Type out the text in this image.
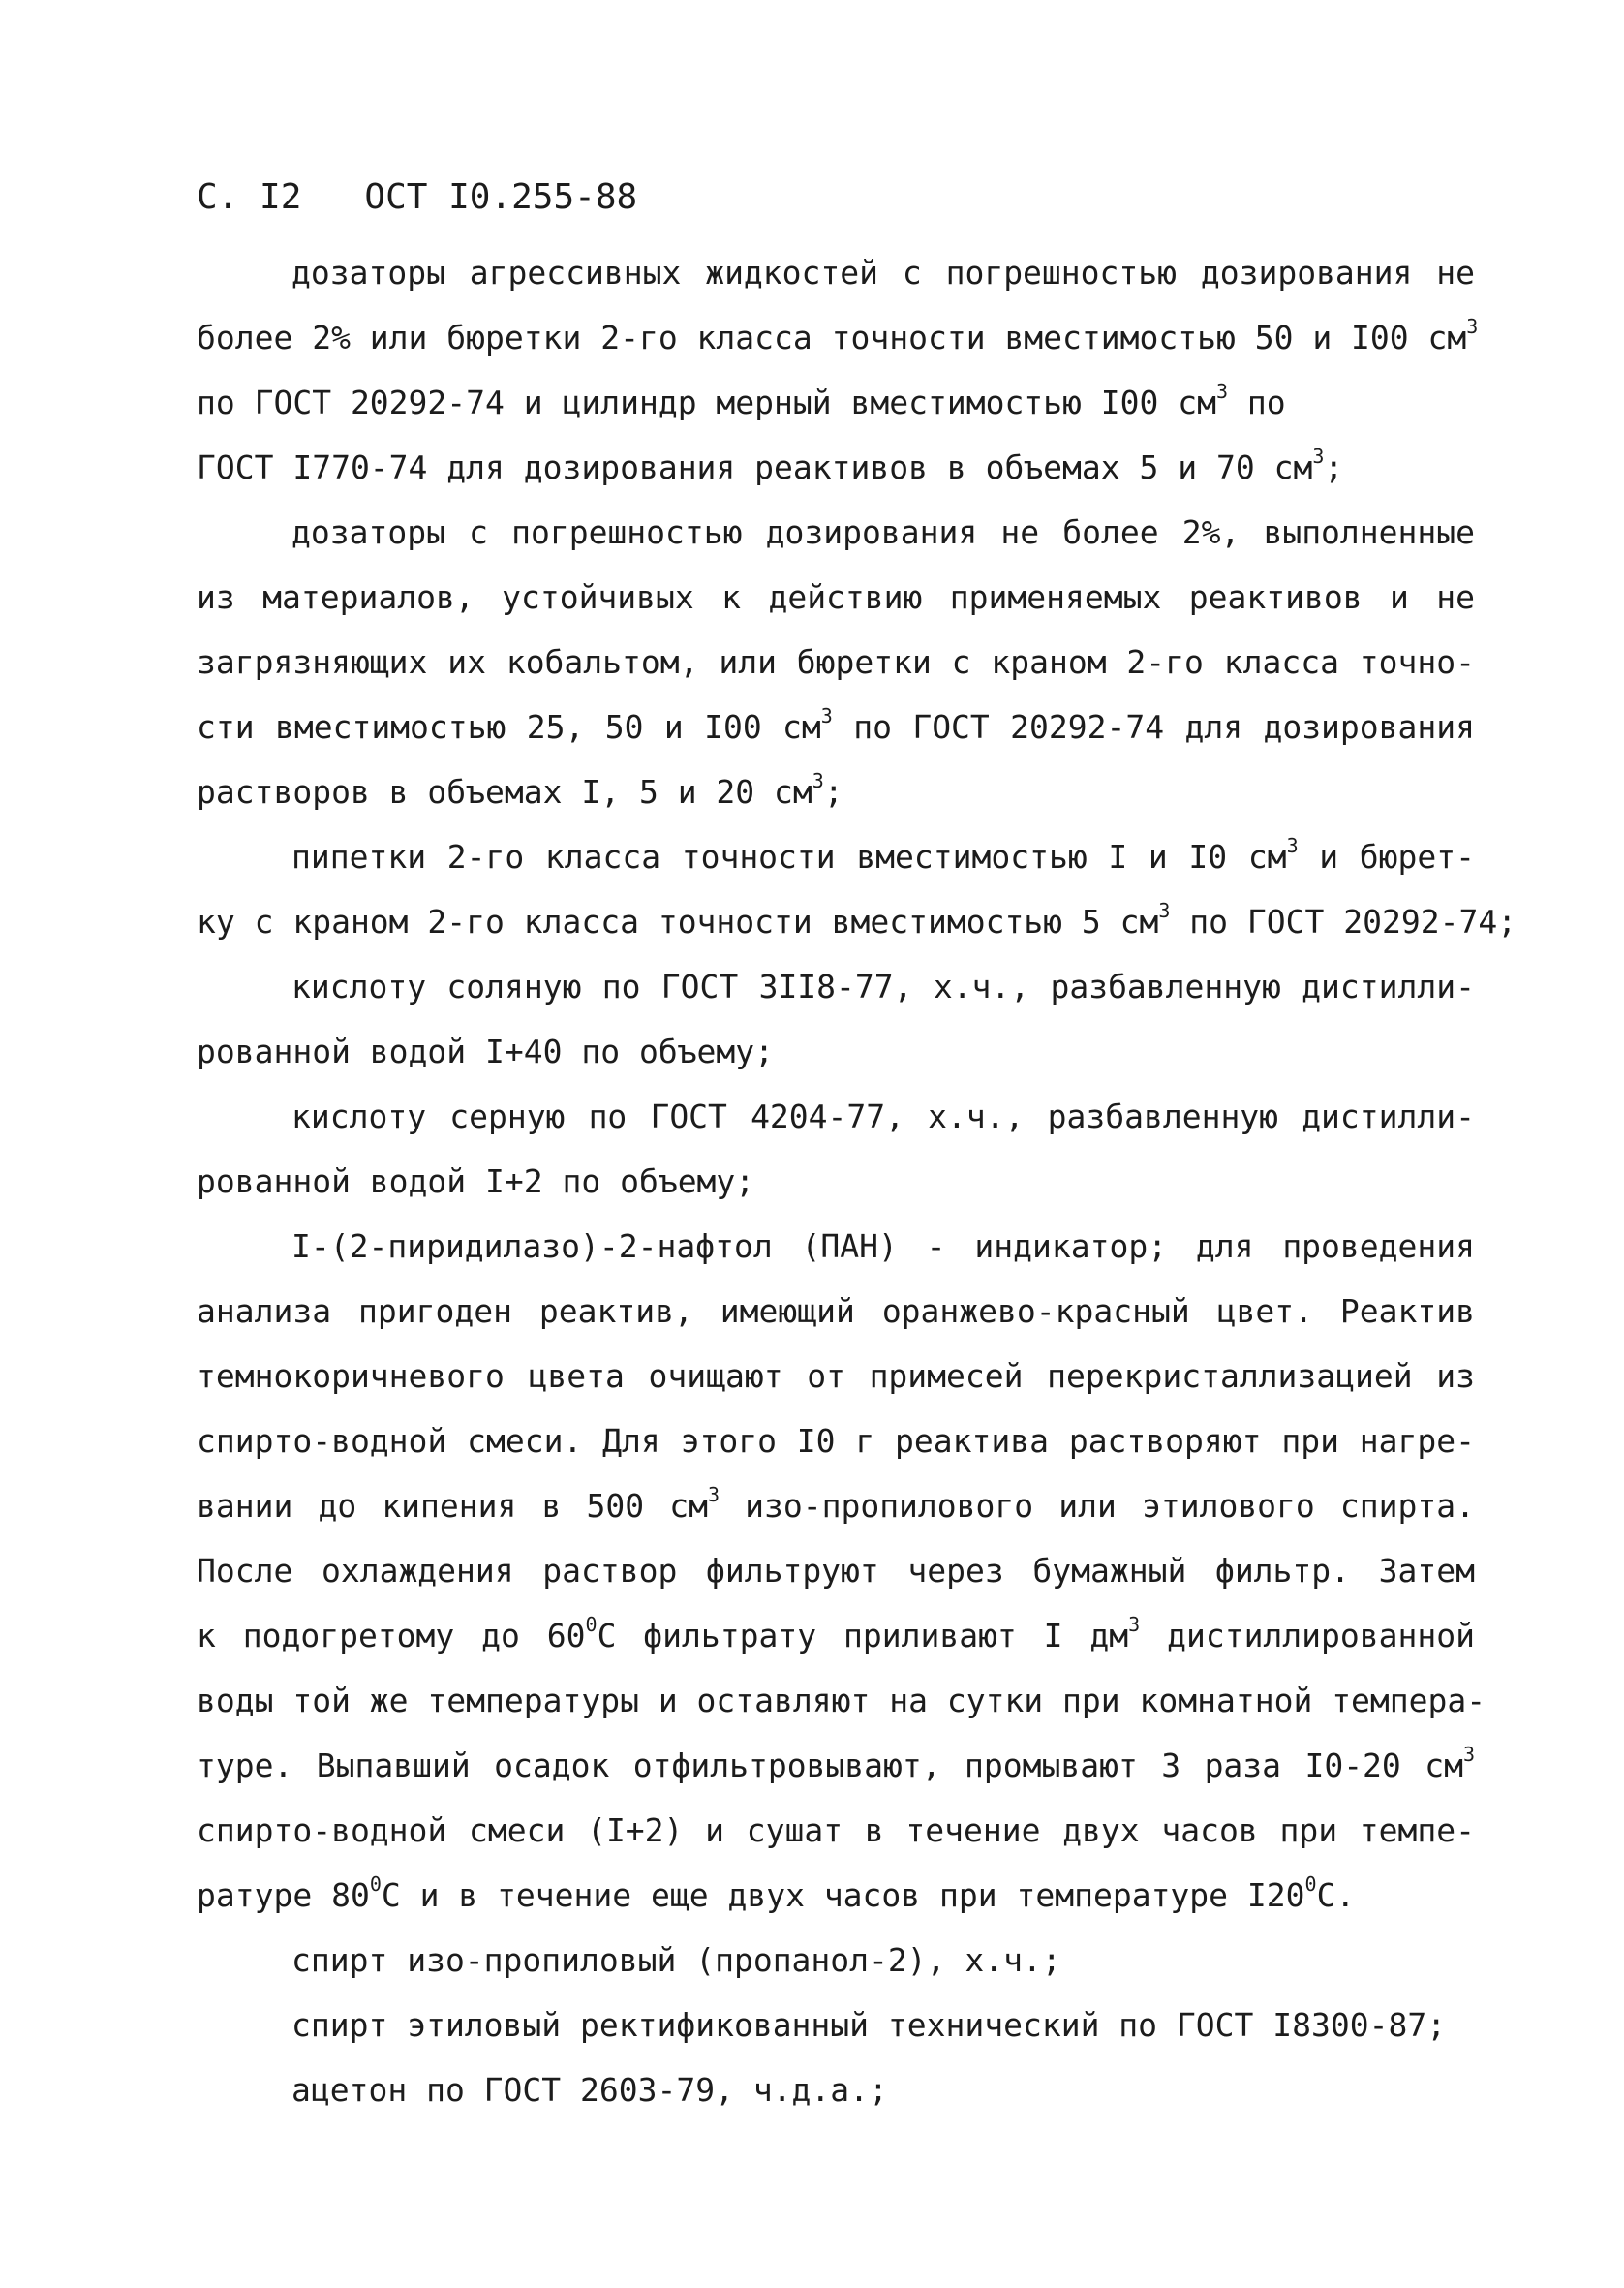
С. I2 ОСТ I0.255-88
дозаторы агрессивных жидкостей с погрешностью дозирования не
более 2% или бюретки 2-го класса точности вместимостью 50 и I00 $см^3$
по ГОСТ 20292-74 и цилиндр мерный вместимостью I00 $см^3$ по
ГОСТ I770-74 для дозирования реактивов в объемах 5 и 70 $см^3$;
дозаторы с погрешностью дозирования не более 2%, выполненные
из материалов, устойчивых к действию применяемых реактивов и не
загрязняющих их кобальтом, или бюретки с краном 2-го класса точно-
сти вместимостью 25, 50 и I00 $см^3$ по ГОСТ 20292-74 для дозирования
растворов в объемах I, 5 и 20 $см^3$;
пипетки 2-го класса точности вместимостью I и I0 $см^3$ и бюрет-
ку с краном 2-го класса точности вместимостью 5 $см^3$ по ГОСТ 20292-74;
кислоту соляную по ГОСТ 3II8-77, х.ч., разбавленную дистилли-
рованной водой I+40 по объему;
кислоту серную по ГОСТ 4204-77, х.ч., разбавленную дистилли-
рованной водой I+2 по объему;
I-(2-пиридилазо)-2-нафтол (ПАН) - индикатор; для проведения
анализа пригоден реактив, имеющий оранжево-красный цвет. Реактив
темнокоричневого цвета очищают от примесей перекристаллизацией из
спирто-водной смеси. Для этого I0 г реактива растворяют при нагре-
вании до кипения в 500 $см^3$ изо-пропилового или этилового спирта.
После охлаждения раствор фильтруют через бумажный фильтр. Затем
к подогретому до $60^0С$ фильтрату приливают I $дм^3$ дистиллированной
воды той же температуры и оставляют на сутки при комнатной темпера-
туре. Выпавший осадок отфильтровывают, промывают 3 раза I0-20 $см^3$
спирто-водной смеси (I+2) и сушат в течение двух часов при темпе-
ратуре $80^0С$ и в течение еще двух часов при температуре $I20^0С$.
спирт изо-пропиловый (пропанол-2), х.ч.;
спирт этиловый ректификованный технический по ГОСТ I8300-87;
ацетон по ГОСТ 2603-79, ч.д.а.;
